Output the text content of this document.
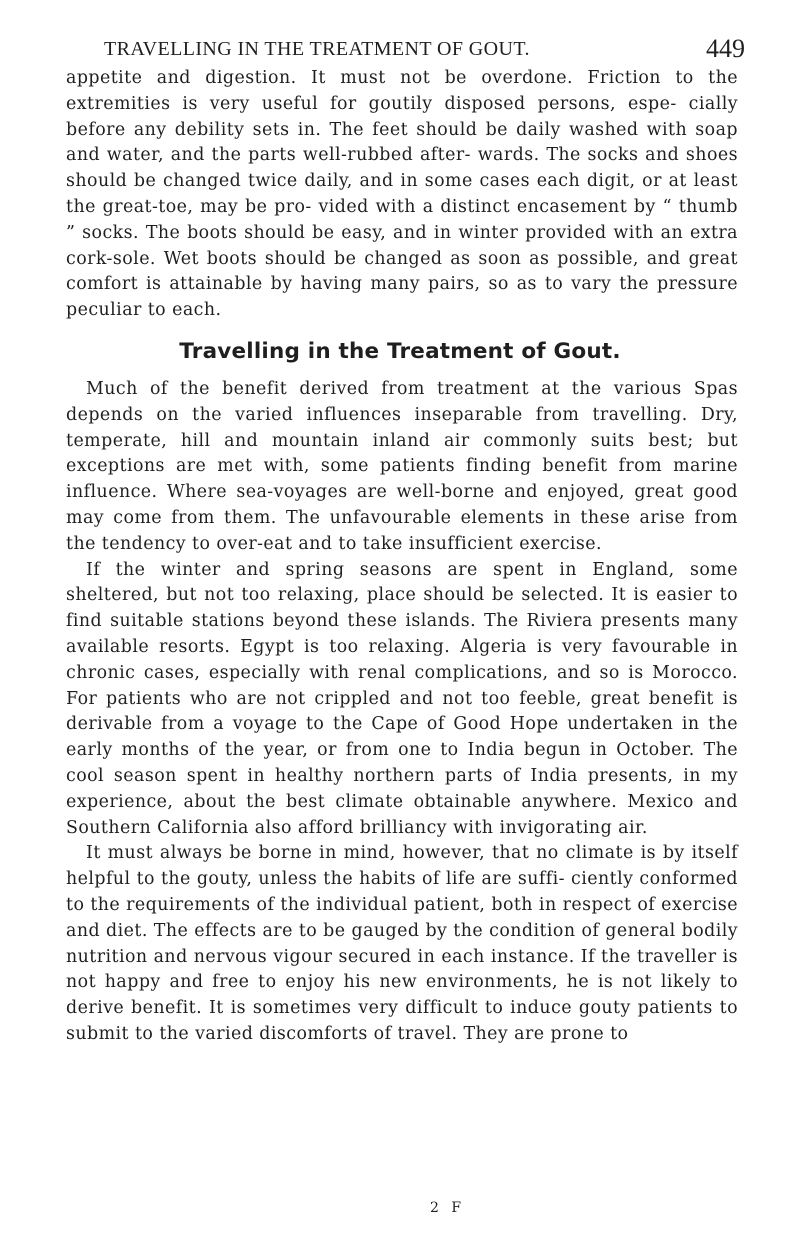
TRAVELLING IN THE TREATMENT OF GOUT.	449

appetite and digestion. It must not be overdone. Friction to the extremities is very useful for goutily disposed persons, espe- cially before any debility sets in. The feet should be daily washed with soap and water, and the parts well-rubbed after- wards. The socks and shoes should be changed twice daily, and in some cases each digit, or at least the great-toe, may be pro- vided with a distinct encasement by “ thumb ” socks. The boots should be easy, and in winter provided with an extra cork-sole. Wet boots should be changed as soon as possible, and great comfort is attainable by having many pairs, so as to vary the pressure peculiar to each.

Travelling in the Treatment of Gout.

Much of the benefit derived from treatment at the various Spas depends on the varied influences inseparable from travelling. Dry, temperate, hill and mountain inland air commonly suits best; but exceptions are met with, some patients finding benefit from marine influence. Where sea-voyages are well-borne and enjoyed, great good may come from them. The unfavourable elements in these arise from the tendency to over-eat and to take insufficient exercise.

If the winter and spring seasons are spent in England, some sheltered, but not too relaxing, place should be selected. It is easier to find suitable stations beyond these islands. The Riviera presents many available resorts. Egypt is too relaxing. Algeria is very favourable in chronic cases, especially with renal complications, and so is Morocco. For patients who are not crippled and not too feeble, great benefit is derivable from a voyage to the Cape of Good Hope undertaken in the early months of the year, or from one to India begun in October. The cool season spent in healthy northern parts of India presents, in my experience, about the best climate obtainable anywhere. Mexico and Southern California also afford brilliancy with invigorating air.

It must always be borne in mind, however, that no climate is by itself helpful to the gouty, unless the habits of life are suffi- ciently conformed to the requirements of the individual patient, both in respect of exercise and diet. The effects are to be gauged by the condition of general bodily nutrition and nervous vigour secured in each instance. If the traveller is not happy and free to enjoy his new environments, he is not likely to derive benefit. It is sometimes very difficult to induce gouty patients to submit to the varied discomforts of travel. They are prone to

2 F
